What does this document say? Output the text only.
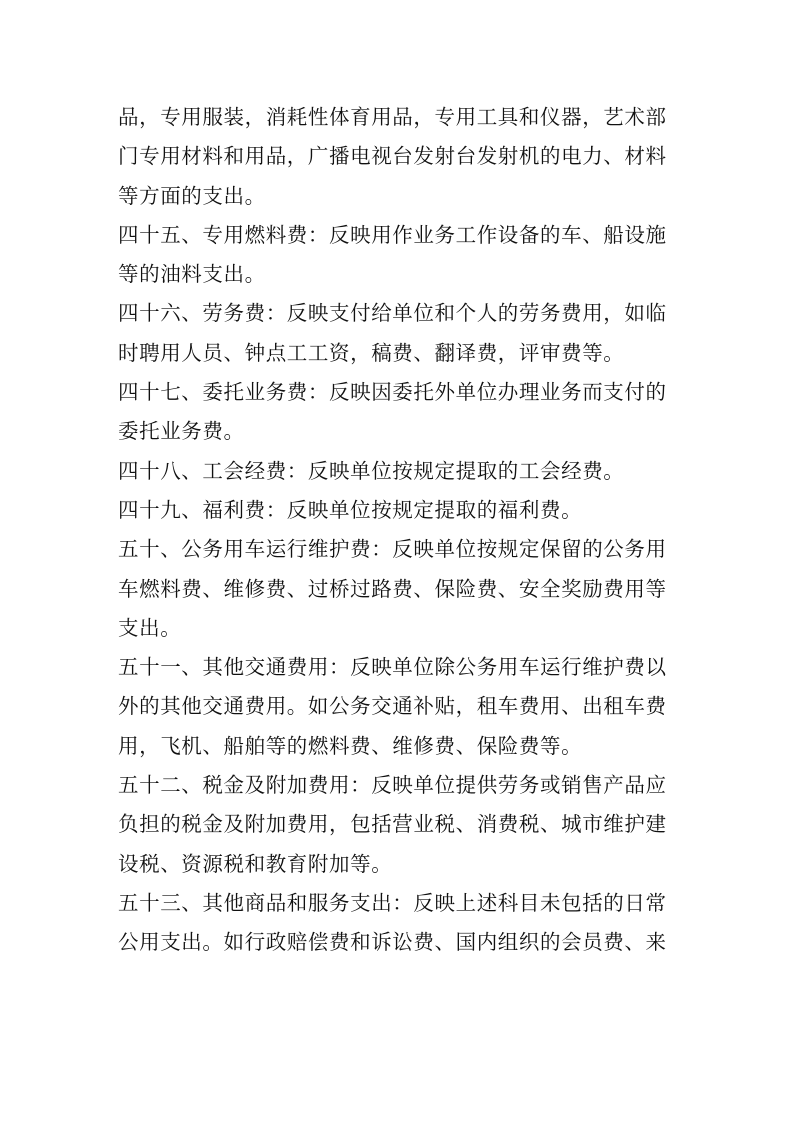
品，专用服装，消耗性体育用品，专用工具和仪器，艺术部
门专用材料和用品，广播电视台发射台发射机的电力、材料
等方面的支出。

四十五、专用燃料费：反映用作业务工作设备的车、船设施
等的油料支出。

四十六、劳务费：反映支付给单位和个人的劳务费用，如临
时聘用人员、钟点工工资，稿费、翻译费，评审费等。

四十七、委托业务费：反映因委托外单位办理业务而支付的
委托业务费。

四十八、工会经费：反映单位按规定提取的工会经费。

四十九、福利费：反映单位按规定提取的福利费。

五十、公务用车运行维护费：反映单位按规定保留的公务用
车燃料费、维修费、过桥过路费、保险费、安全奖励费用等
支出。

五十一、其他交通费用：反映单位除公务用车运行维护费以
外的其他交通费用。如公务交通补贴，租车费用、出租车费
用，飞机、船舶等的燃料费、维修费、保险费等。

五十二、税金及附加费用：反映单位提供劳务或销售产品应
负担的税金及附加费用，包括营业税、消费税、城市维护建
设税、资源税和教育附加等。

五十三、其他商品和服务支出：反映上述科目未包括的日常
公用支出。如行政赔偿费和诉讼费、国内组织的会员费、来
